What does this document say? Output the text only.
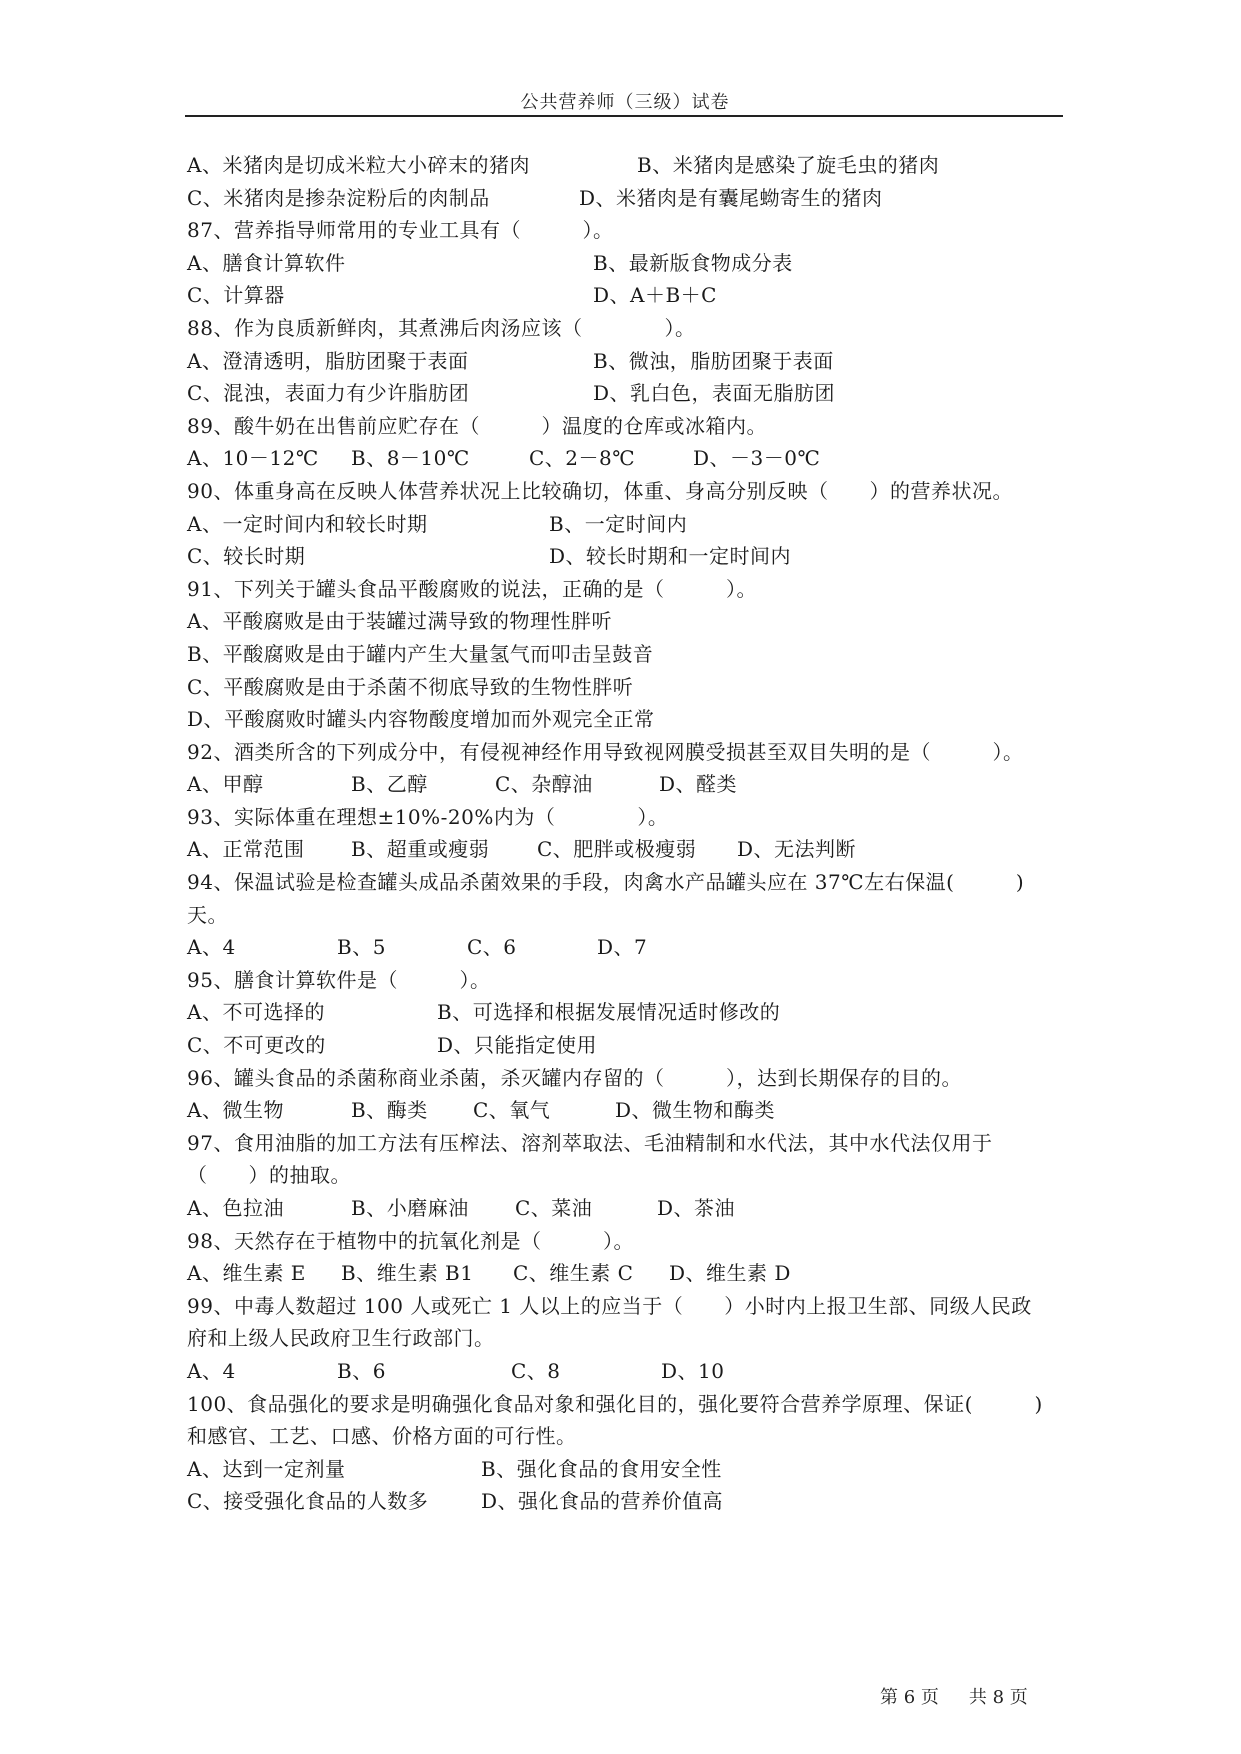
公共营养师（三级）试卷
A、米猪肉是切成米粒大小碎末的猪肉	B、米猪肉是感染了旋毛虫的猪肉
C、米猪肉是掺杂淀粉后的肉制品	D、米猪肉是有囊尾蚴寄生的猪肉
87、营养指导师常用的专业工具有（　　　）。
A、膳食计算软件	B、最新版食物成分表
C、计算器	D、A＋B＋C
88、作为良质新鲜肉，其煮沸后肉汤应该（　　　　）。
A、澄清透明，脂肪团聚于表面	B、微浊，脂肪团聚于表面
C、混浊，表面力有少许脂肪团	D、乳白色，表面无脂肪团
89、酸牛奶在出售前应贮存在（　　　）温度的仓库或冰箱内。
A、10－12℃ B、8－10℃	C、2－8℃	D、－3－0℃
90、体重身高在反映人体营养状况上比较确切，体重、身高分别反映（　　）的营养状况。
A、一定时间内和较长时期	B、一定时间内
C、较长时期	D、较长时期和一定时间内
91、下列关于罐头食品平酸腐败的说法，正确的是（　　　）。
A、平酸腐败是由于装罐过满导致的物理性胖听
B、平酸腐败是由于罐内产生大量氢气而叩击呈鼓音
C、平酸腐败是由于杀菌不彻底导致的生物性胖听
D、平酸腐败时罐头内容物酸度增加而外观完全正常
92、酒类所含的下列成分中，有侵视神经作用导致视网膜受损甚至双目失明的是（　　　）。
A、甲醇	B、乙醇	C、杂醇油	D、醛类
93、实际体重在理想±10%-20%内为（　　　　）。
A、正常范围 B、超重或瘦弱 C、肥胖或极瘦弱 D、无法判断
94、保温试验是检查罐头成品杀菌效果的手段，肉禽水产品罐头应在 37℃左右保温(　　　)
天。
A、4	B、5	C、6	D、7
95、膳食计算软件是（　　　）。
A、不可选择的	B、可选择和根据发展情况适时修改的
C、不可更改的	D、只能指定使用
96、罐头食品的杀菌称商业杀菌，杀灭罐内存留的（　　　），达到长期保存的目的。
A、微生物	B、酶类 C、氧气	D、微生物和酶类
97、食用油脂的加工方法有压榨法、溶剂萃取法、毛油精制和水代法，其中水代法仅用于
（　　）的抽取。
A、色拉油	B、小磨麻油 C、菜油	D、茶油
98、天然存在于植物中的抗氧化剂是（　　　）。
A、维生素 E B、维生素 B1 C、维生素 C D、维生素 D
99、中毒人数超过 100 人或死亡 1 人以上的应当于（　　）小时内上报卫生部、同级人民政
府和上级人民政府卫生行政部门。
A、4	B、6	C、8	D、10
100、食品强化的要求是明确强化食品对象和强化目的，强化要符合营养学原理、保证(　　　)
和感官、工艺、口感、价格方面的可行性。
A、达到一定剂量	B、强化食品的食用安全性
C、接受强化食品的人数多	D、强化食品的营养价值高
第 6 页 共 8 页
